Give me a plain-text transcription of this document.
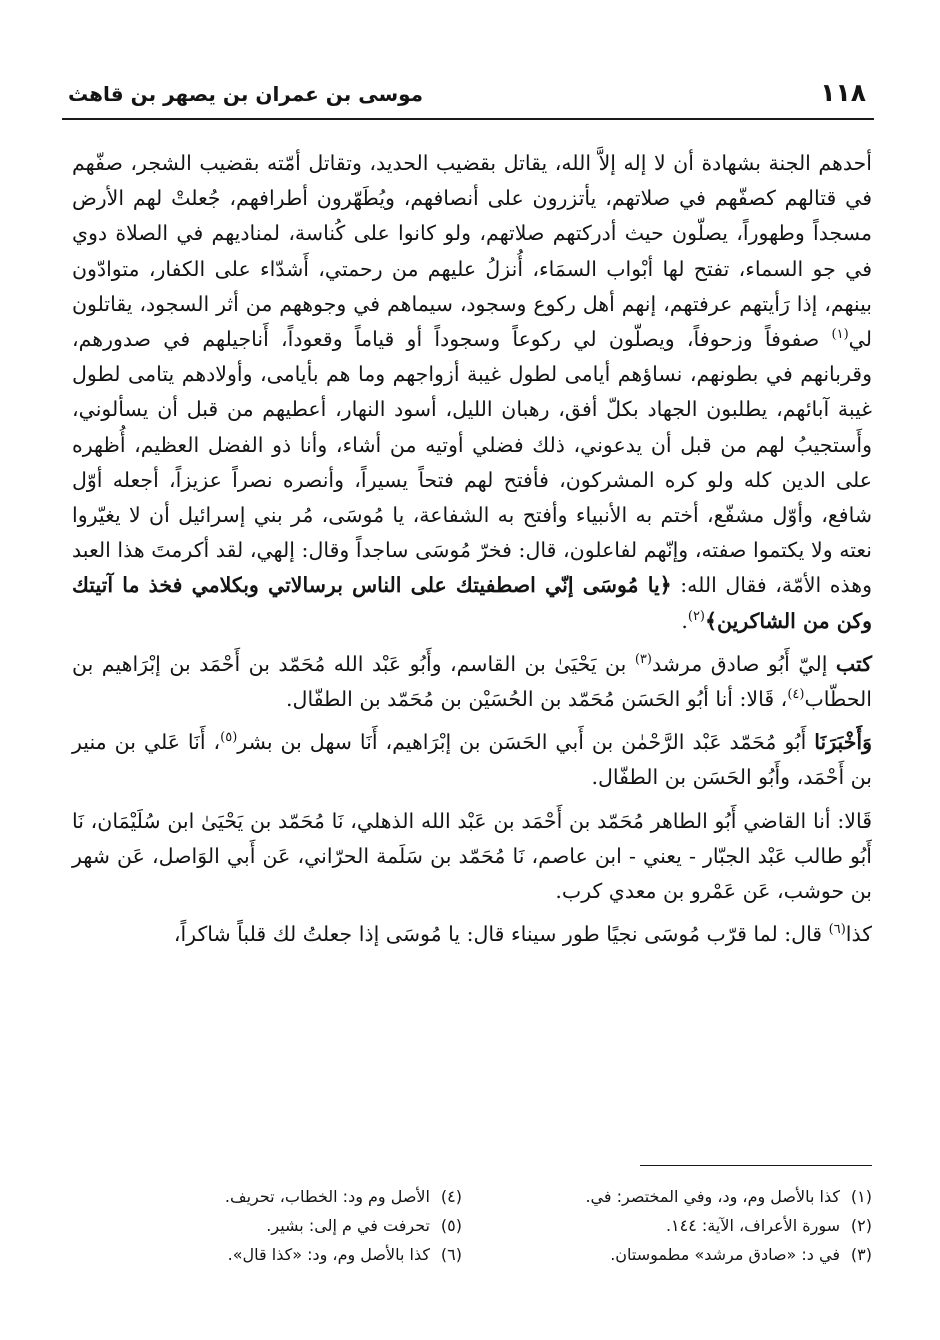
١١٨
موسى بن عمران بن يصهر بن قاهث

أحدهم الجنة بشهادة أن لا إله إلاَّ الله، يقاتل بقضيب الحديد، وتقاتل أمّته بقضيب الشجر، صفّهم في قتالهم كصفّهم في صلاتهم، يأتزرون على أنصافهم، ويُطَهّرون أطرافهم، جُعلتْ لهم الأرض مسجداً وطهوراً، يصلّون حيث أدركتهم صلاتهم، ولو كانوا على كُناسة، لمناديهم في الصلاة دوي في جو السماء، تفتح لها أبْواب السمَاء، أُنزلُ عليهم من رحمتي، أَشدّاء على الكفار، متوادّون بينهم، إذا رَأيتهم عرفتهم، إنهم أهل ركوع وسجود، سيماهم في وجوههم من أثر السجود، يقاتلون لي$^{(١)}$ صفوفاً وزحوفاً، ويصلّون لي ركوعاً وسجوداً أو قياماً وقعوداً، أَناجيلهم في صدورهم، وقربانهم في بطونهم، نساؤهم أيامى لطول غيبة أزواجهم وما هم بأيامى، وأولادهم يتامى لطول غيبة آبائهم، يطلبون الجهاد بكلّ أفق، رهبان الليل، أسود النهار، أعطيهم من قبل أن يسألوني، وأَستجيبُ لهم من قبل أن يدعوني، ذلك فضلي أوتيه من أشاء، وأنا ذو الفضل العظيم، أُظهره على الدين كله ولو كره المشركون، فأفتح لهم فتحاً يسيراً، وأنصره نصراً عزيزاً، أجعله أوّل شافع، وأوّل مشفّع، أختم به الأنبياء وأفتح به الشفاعة، يا مُوسَى، مُر بني إسرائيل أن لا يغيّروا نعته ولا يكتموا صفته، وإنّهم لفاعلون، قال: فخرّ مُوسَى ساجداً وقال: إلهي، لقد أكرمتَ هذا العبد وهذه الأمّة، فقال الله: ﴿يا مُوسَى إنّي اصطفيتك على الناس برسالاتي وبكلامي فخذ ما آتيتك وكن من الشاكرين﴾$^{(٢)}$.

كتب إليّ أَبُو صادق مرشد$^{(٣)}$ بن يَحْيَىٰ بن القاسم، وأَبُو عَبْد الله مُحَمّد بن أَحْمَد بن إبْرَاهيم بن الحطّاب$^{(٤)}$، قَالا: أنا أبُو الحَسَن مُحَمّد بن الحُسَيْن بن مُحَمّد بن الطفّال.

وَأَخْبَرَنَا أَبُو مُحَمّد عَبْد الرَّحْمٰن بن أَبي الحَسَن بن إبْرَاهيم، أَنَا سهل بن بشر$^{(٥)}$، أَنَا عَلي بن منير بن أَحْمَد، وأَبُو الحَسَن بن الطفّال.

قَالا: أنا القاضي أَبُو الطاهر مُحَمّد بن أَحْمَد بن عَبْد الله الذهلي، نَا مُحَمّد بن يَحْيَىٰ ابن سُلَيْمَان، نَا أَبُو طالب عَبْد الجبّار - يعني - ابن عاصم، نَا مُحَمّد بن سَلَمة الحرّاني، عَن أَبي الوَاصل، عَن شهر بن حوشب، عَن عَمْرو بن معدي كرب.

كذا$^{(٦)}$ قال: لما قرّب مُوسَى نجيًا طور سيناء قال: يا مُوسَى إذا جعلتُ لك قلباً شاكراً،

(١)كذا بالأصل وم، ود، وفي المختصر: في.
(٢)سورة الأعراف، الآية: ١٤٤.
(٣)في د: «صادق مرشد» مطموستان.
(٤)الأصل وم ود: الخطاب، تحريف.
(٥)تحرفت في م إلى: بشير.
(٦)كذا بالأصل وم، ود: «كذا قال».
